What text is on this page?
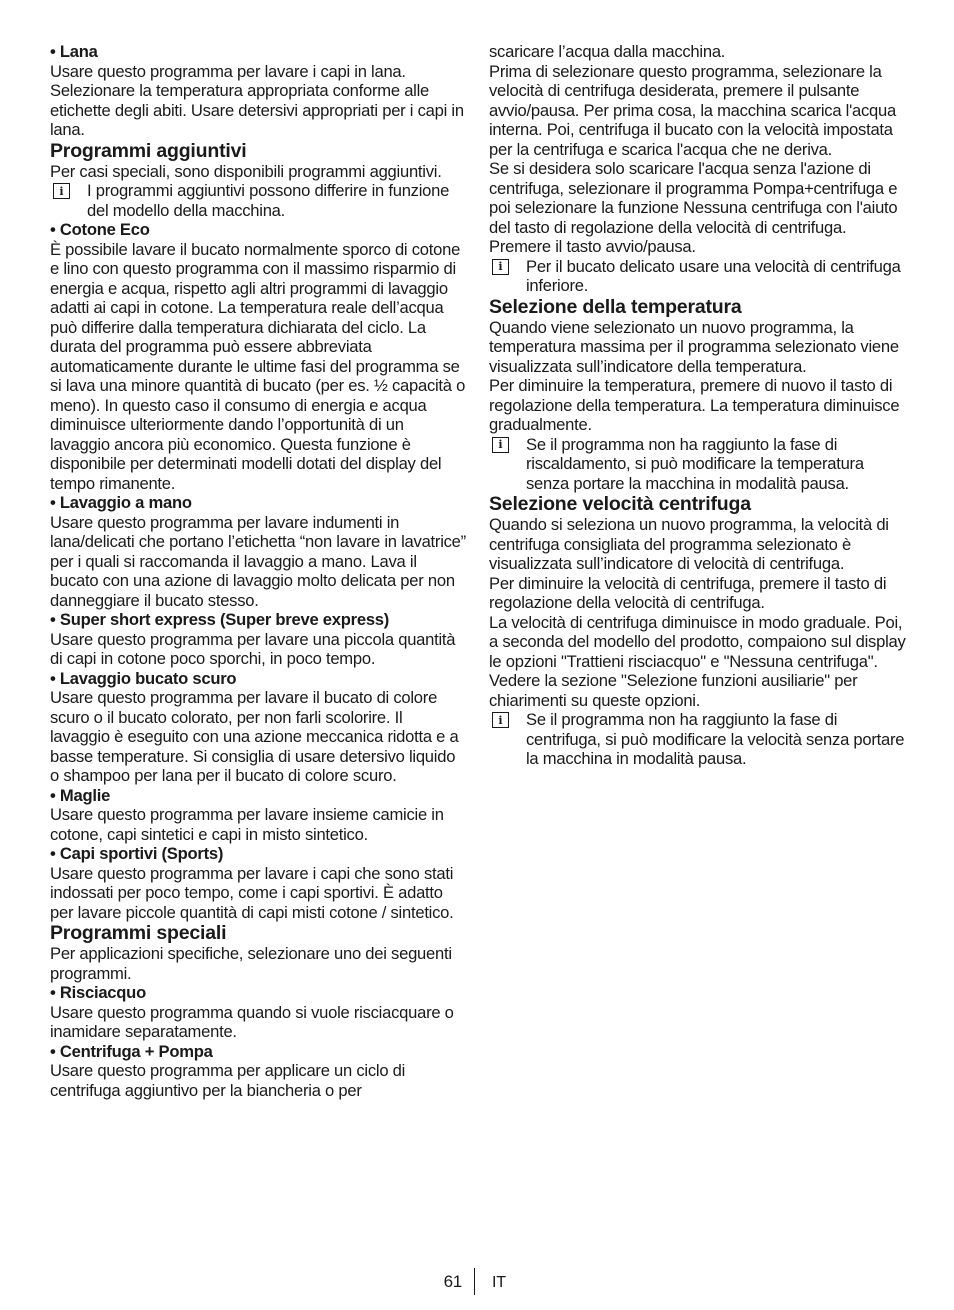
• Lana

Usare questo programma per lavare i capi in lana. Selezionare la temperatura appropriata conforme alle etichette degli abiti. Usare detersivi appropriati per i capi in lana.

Programmi aggiuntivi

Per casi speciali, sono disponibili programmi aggiuntivi.

i I programmi aggiuntivi possono differire in funzione del modello della macchina.

• Cotone Eco

È possibile lavare il bucato normalmente sporco di cotone e lino con questo programma con il massimo risparmio di energia e acqua, rispetto agli altri programmi di lavaggio adatti ai capi in cotone. La temperatura reale dell’acqua può differire dalla temperatura dichiarata del ciclo. La durata del programma può essere abbreviata automaticamente durante le ultime fasi del programma se si lava una minore quantità di bucato (per es. ½ capacità o meno). In questo caso il consumo di energia e acqua diminuisce ulteriormente dando l’opportunità di un lavaggio ancora più economico. Questa funzione è disponibile per determinati modelli dotati del display del tempo rimanente.

• Lavaggio a mano

Usare questo programma per lavare indumenti in lana/delicati che portano l’etichetta “non lavare in lavatrice” per i quali si raccomanda il lavaggio a mano. Lava il bucato con una azione di lavaggio molto delicata per non danneggiare il bucato stesso.

• Super short express (Super breve express)

Usare questo programma per lavare una piccola quantità di capi in cotone poco sporchi, in poco tempo.

• Lavaggio bucato scuro

Usare questo programma per lavare il bucato di colore scuro o il bucato colorato, per non farli scolorire. Il lavaggio è eseguito con una azione meccanica ridotta e a basse temperature. Si consiglia di usare detersivo liquido o shampoo per lana per il bucato di colore scuro.

• Maglie

Usare questo programma per lavare insieme camicie in cotone, capi sintetici e capi in misto sintetico.

• Capi sportivi (Sports)

Usare questo programma per lavare i capi che sono stati indossati per poco tempo, come i capi sportivi. È adatto per lavare piccole quantità di capi misti cotone / sintetico.

Programmi speciali

Per applicazioni specifiche, selezionare uno dei seguenti programmi.

• Risciacquo

Usare questo programma quando si vuole risciacquare o inamidare separatamente.

• Centrifuga + Pompa

Usare questo programma per applicare un ciclo di centrifuga aggiuntivo per la biancheria o per

scaricare l’acqua dalla macchina.

Prima di selezionare questo programma, selezionare la velocità di centrifuga desiderata, premere il pulsante avvio/pausa. Per prima cosa, la macchina scarica l'acqua interna. Poi, centrifuga il bucato con la velocità impostata per la centrifuga e scarica l'acqua che ne deriva.

Se si desidera solo scaricare l'acqua senza l'azione di centrifuga, selezionare il programma Pompa+centrifuga e poi selezionare la funzione Nessuna centrifuga con l'aiuto del tasto di regolazione della velocità di centrifuga. Premere il tasto avvio/pausa.

i Per il bucato delicato usare una velocità di centrifuga inferiore.

Selezione della temperatura

Quando viene selezionato un nuovo programma, la temperatura massima per il programma selezionato viene visualizzata sull’indicatore della temperatura.

Per diminuire la temperatura, premere di nuovo il tasto di regolazione della temperatura. La temperatura diminuisce gradualmente.

i Se il programma non ha raggiunto la fase di riscaldamento, si può modificare la temperatura senza portare la macchina in modalità pausa.

Selezione velocità centrifuga

Quando si seleziona un nuovo programma, la velocità di centrifuga consigliata del programma selezionato è visualizzata sull’indicatore di velocità di centrifuga.

Per diminuire la velocità di centrifuga, premere il tasto di regolazione della velocità di centrifuga.

La velocità di centrifuga diminuisce in modo graduale. Poi, a seconda del modello del prodotto, compaiono sul display le opzioni "Trattieni risciacquo" e "Nessuna centrifuga". Vedere la sezione "Selezione funzioni ausiliarie" per chiarimenti su queste opzioni.

i Se il programma non ha raggiunto la fase di centrifuga, si può modificare la velocità senza portare la macchina in modalità pausa.

61 IT
